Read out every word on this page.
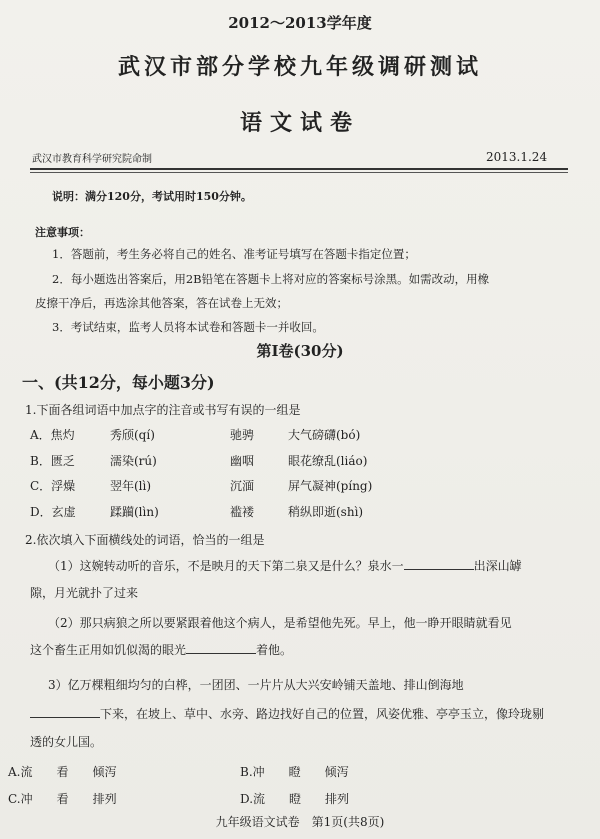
2012～2013学年度
武汉市部分学校九年级调研测试
语文试卷
武汉市教育科学研究院命制	2013.1.24
说明：满分120分，考试用时150分钟。
注意事项：
1．答题前，考生务必将自己的姓名、准考证号填写在答题卡指定位置；
2．每小题选出答案后，用2B铅笔在答题卡上将对应的答案标号涂黑。如需改动，用橡
皮擦干净后，再选涂其他答案，答在试卷上无效；
3．考试结束，监考人员将本试卷和答题卡一并收回。
第Ⅰ卷(30分)
一、(共12分，每小题3分)
1.下面各组词语中加点字的注音或书写有误的一组是
A．焦灼	秀颀(qí)	驰骋	大气磅礴(bó)
B．匮乏	濡染(rú)	幽咽	眼花缭乱(liáo)
C．浮燥	翌年(lì)	沉湎	屏气凝神(píng)
D．玄虚	蹂躏(lìn)	褴褛	稍纵即逝(shì)
2.依次填入下面横线处的词语，恰当的一组是
（1）这婉转动听的音乐，不是映月的天下第二泉又是什么？泉水一	出深山罅
隙，月光就扑了过来
（2）那只病狼之所以要紧跟着他这个病人，是希望他先死。早上，他一睁开眼睛就看见
这个畜生正用如饥似渴的眼光	着他。
3）亿万棵粗细均匀的白桦，一团团、一片片从大兴安岭铺天盖地、排山倒海地
下来，在坡上、草中、水旁、路边找好自己的位置，风姿优雅、亭亭玉立，像玲珑剔
透的女儿国。
A.流　　看　　倾泻	B.冲　　瞪　　倾泻
C.冲　　看　　排列	D.流　　瞪　　排列
九年级语文试卷　第1页(共8页)
